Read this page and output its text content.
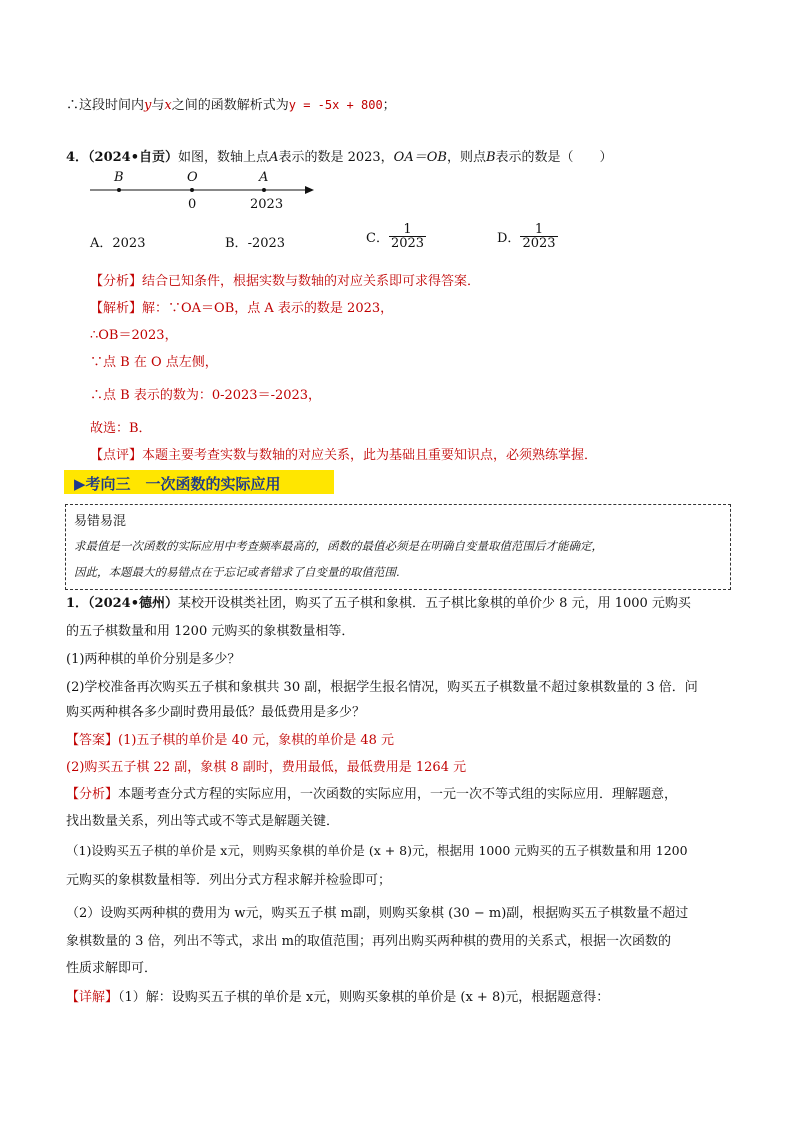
∴这段时间内y与x之间的函数解析式为y = -5x + 800；
4．（2024•自贡）如图，数轴上点A表示的数是 2023，OA＝OB，则点B表示的数是（　　）
B	O	A
0	2023
A．2023	B．-2023	C． $\frac{1}{2023}$	D． $\frac{1}{2023}$
【分析】结合已知条件，根据实数与数轴的对应关系即可求得答案．
【解析】解：∵OA＝OB，点 A 表示的数是 2023，
∴OB＝2023，
∵点 B 在 O 点左侧，
∴点 B 表示的数为：0-2023＝-2023，
故选：B．
【点评】本题主要考查实数与数轴的对应关系，此为基础且重要知识点，必须熟练掌握．
▶考向三　一次函数的实际应用
易错易混
求最值是一次函数的实际应用中考查频率最高的，函数的最值必须是在明确自变量取值范围后才能确定，
因此，本题最大的易错点在于忘记或者错求了自变量的取值范围.
1．（2024•德州）某校开设棋类社团，购买了五子棋和象棋．五子棋比象棋的单价少 8 元，用 1000 元购买
的五子棋数量和用 1200 元购买的象棋数量相等．
(1)两种棋的单价分别是多少？
(2)学校准备再次购买五子棋和象棋共 30 副，根据学生报名情况，购买五子棋数量不超过象棋数量的 3 倍．问
购买两种棋各多少副时费用最低？最低费用是多少？
【答案】(1)五子棋的单价是 40 元，象棋的单价是 48 元
(2)购买五子棋 22 副，象棋 8 副时，费用最低，最低费用是 1264 元
【分析】本题考查分式方程的实际应用，一次函数的实际应用，一元一次不等式组的实际应用．理解题意，
找出数量关系，列出等式或不等式是解题关键．
（1)设购买五子棋的单价是 x元，则购买象棋的单价是 (x + 8)元，根据用 1000 元购买的五子棋数量和用 1200
元购买的象棋数量相等．列出分式方程求解并检验即可；
（2）设购买两种棋的费用为 w元，购买五子棋 m副，则购买象棋 (30 − m)副，根据购买五子棋数量不超过
象棋数量的 3 倍，列出不等式，求出 m的取值范围；再列出购买两种棋的费用的关系式，根据一次函数的
性质求解即可．
【详解】（1）解：设购买五子棋的单价是 x元，则购买象棋的单价是 (x + 8)元，根据题意得：
